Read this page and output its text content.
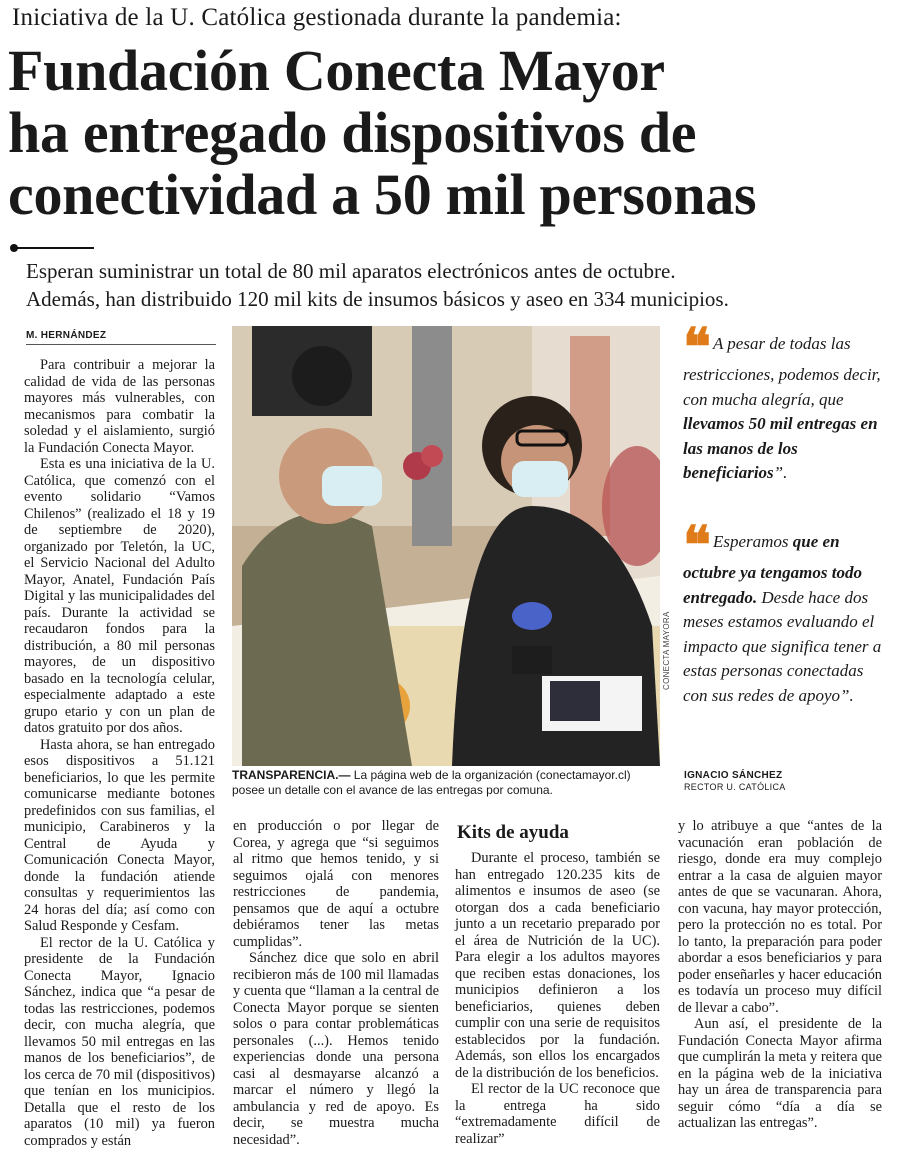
Iniciativa de la U. Católica gestionada durante la pandemia:
Fundación Conecta Mayor
ha entregado dispositivos de
conectividad a 50 mil personas
Esperan suministrar un total de 80 mil aparatos electrónicos antes de octubre.
Además, han distribuido 120 mil kits de insumos básicos y aseo en 334 municipios.
M. HERNÁNDEZ

Para contribuir a mejorar la calidad de vida de las personas mayores más vulnerables, con mecanismos para combatir la soledad y el aislamiento, surgió la Fundación Conecta Mayor.

Esta es una iniciativa de la U. Católica, que comenzó con el evento solidario “Vamos Chilenos” (realizado el 18 y 19 de septiembre de 2020), organizado por Teletón, la UC, el Servicio Nacional del Adulto Mayor, Anatel, Fundación País Digital y las municipalidades del país. Durante la actividad se recaudaron fondos para la distribución, a 80 mil personas mayores, de un dispositivo basado en la tecnología celular, especialmente adaptado a este grupo etario y con un plan de datos gratuito por dos años.

Hasta ahora, se han entregado esos dispositivos a 51.121 beneficiarios, lo que les permite comunicarse mediante botones predefinidos con sus familias, el municipio, Carabineros y la Central de Ayuda y Comunicación Conecta Mayor, donde la fundación atiende consultas y requerimientos las 24 horas del día; así como con Salud Responde y Cesfam.

El rector de la U. Católica y presidente de la Fundación Conecta Mayor, Ignacio Sánchez, indica que “a pesar de todas las restricciones, podemos decir, con mucha alegría, que llevamos 50 mil entregas en las manos de los beneficiarios”, de los cerca de 70 mil (dispositivos) que tenían en los municipios. Detalla que el resto de los aparatos (10 mil) ya fueron comprados y están

CONECTA MAYORA
TRANSPARENCIA.— La página web de la organización (conectamayor.cl) posee un detalle con el avance de las entregas por comuna.

en producción o por llegar de Corea, y agrega que “si seguimos al ritmo que hemos tenido, y si seguimos ojalá con menores restricciones de pandemia, pensamos que de aquí a octubre debiéramos tener las metas cumplidas”.

Sánchez dice que solo en abril recibieron más de 100 mil llamadas y cuenta que “llaman a la central de Conecta Mayor porque se sienten solos o para contar problemáticas personales (...). Hemos tenido experiencias donde una persona casi al desmayarse alcanzó a marcar el número y llegó la ambulancia y red de apoyo. Es decir, se muestra mucha necesidad”.

Kits de ayuda

Durante el proceso, también se han entregado 120.235 kits de alimentos e insumos de aseo (se otorgan dos a cada beneficiario junto a un recetario preparado por el área de Nutrición de la UC). Para elegir a los adultos mayores que reciben estas donaciones, los municipios definieron a los beneficiarios, quienes deben cumplir con una serie de requisitos establecidos por la fundación. Además, son ellos los encargados de la distribución de los beneficios.

El rector de la UC reconoce que la entrega ha sido “extremadamente difícil de realizar”

y lo atribuye a que “antes de la vacunación eran población de riesgo, donde era muy complejo entrar a la casa de alguien mayor antes de que se vacunaran. Ahora, con vacuna, hay mayor protección, pero la protección no es total. Por lo tanto, la preparación para poder abordar a esos beneficiarios y para poder enseñarles y hacer educación es todavía un proceso muy difícil de llevar a cabo”.

Aun así, el presidente de la Fundación Conecta Mayor afirma que cumplirán la meta y reitera que en la página web de la iniciativa hay un área de transparencia para seguir cómo “día a día se actualizan las entregas”.

❝ A pesar de todas las restricciones, podemos decir, con mucha alegría, que llevamos 50 mil entregas en las manos de los beneficiarios”.
❝ Esperamos que en octubre ya tengamos todo entregado. Desde hace dos meses estamos evaluando el impacto que significa tener a estas personas conectadas con sus redes de apoyo”.
IGNACIO SÁNCHEZ
RECTOR U. CATÓLICA
